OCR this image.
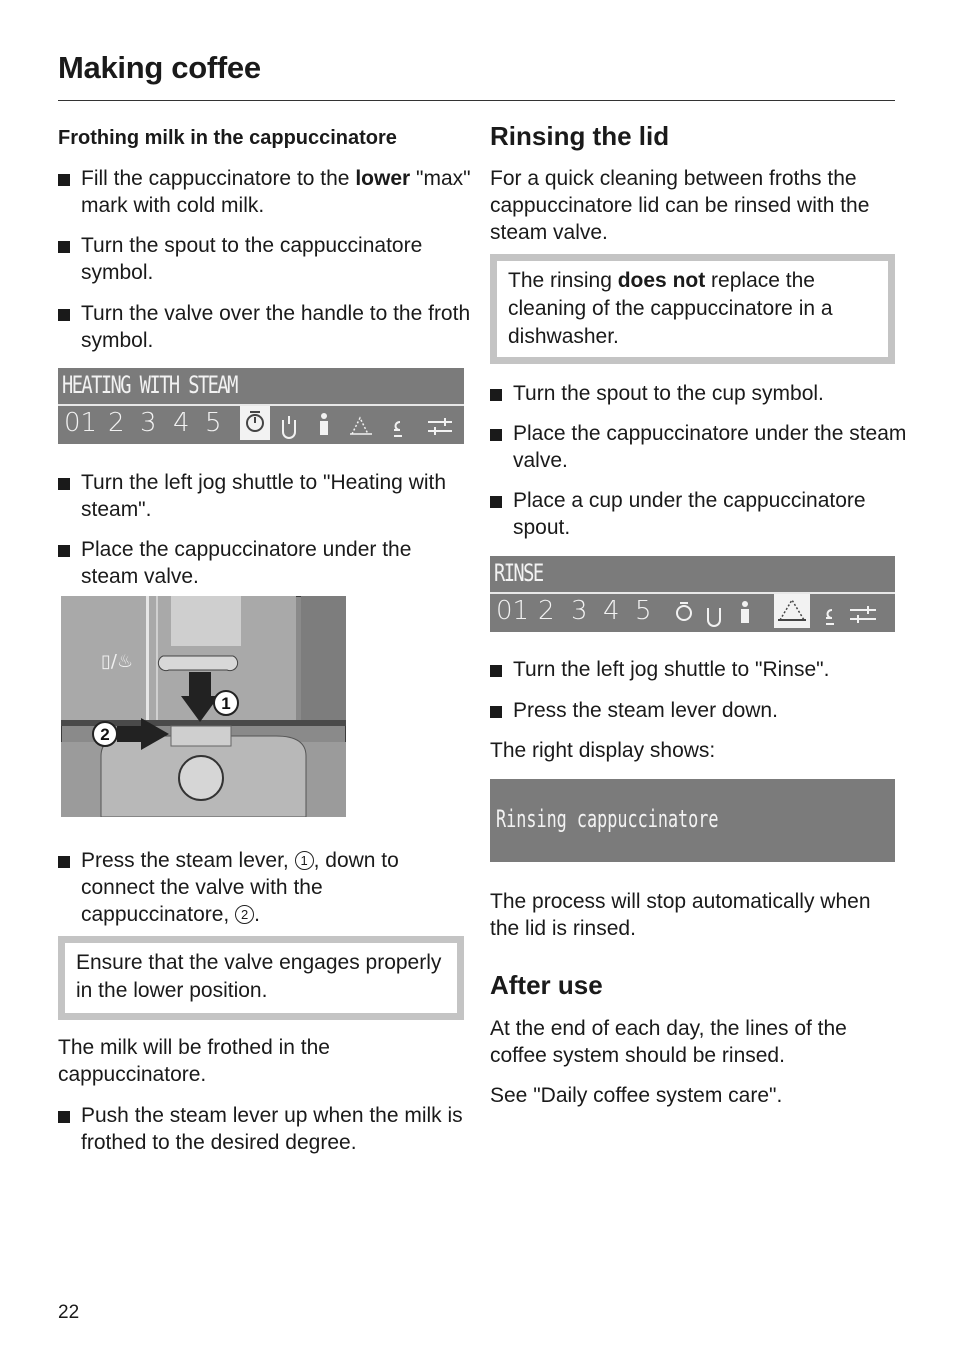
Making coffee
Frothing milk in the cappuccinatore
Fill the cappuccinatore to the lower "max" mark with cold milk.
Turn the spout to the cappuccinatore symbol.
Turn the valve over the handle to the froth symbol.
HEATING WITH STEAM
01 2 3 4 5
Turn the left jog shuttle to "Heating with steam".
Place the cappuccinatore under the steam valve.
▯/♨
1
2
Press the steam lever, 1 , down to connect the valve with the cappuccinatore, 2 .
Ensure that the valve engages properly in the lower position.
The milk will be frothed in the cappuccinatore.
Push the steam lever up when the milk is frothed to the desired degree.
Rinsing the lid
For a quick cleaning between froths the cappuccinatore lid can be rinsed with the steam valve.
The rinsing does not replace the cleaning of the cappuccinatore in a dishwasher.
Turn the spout to the cup symbol.
Place the cappuccinatore under the steam valve.
Place a cup under the cappuccinatore spout.
RINSE
01 2 3 4 5
Turn the left jog shuttle to "Rinse".
Press the steam lever down.
The right display shows:
Rinsing cappuccinatore
The process will stop automatically when the lid is rinsed.
After use
At the end of each day, the lines of the coffee system should be rinsed.
See "Daily coffee system care".
22
